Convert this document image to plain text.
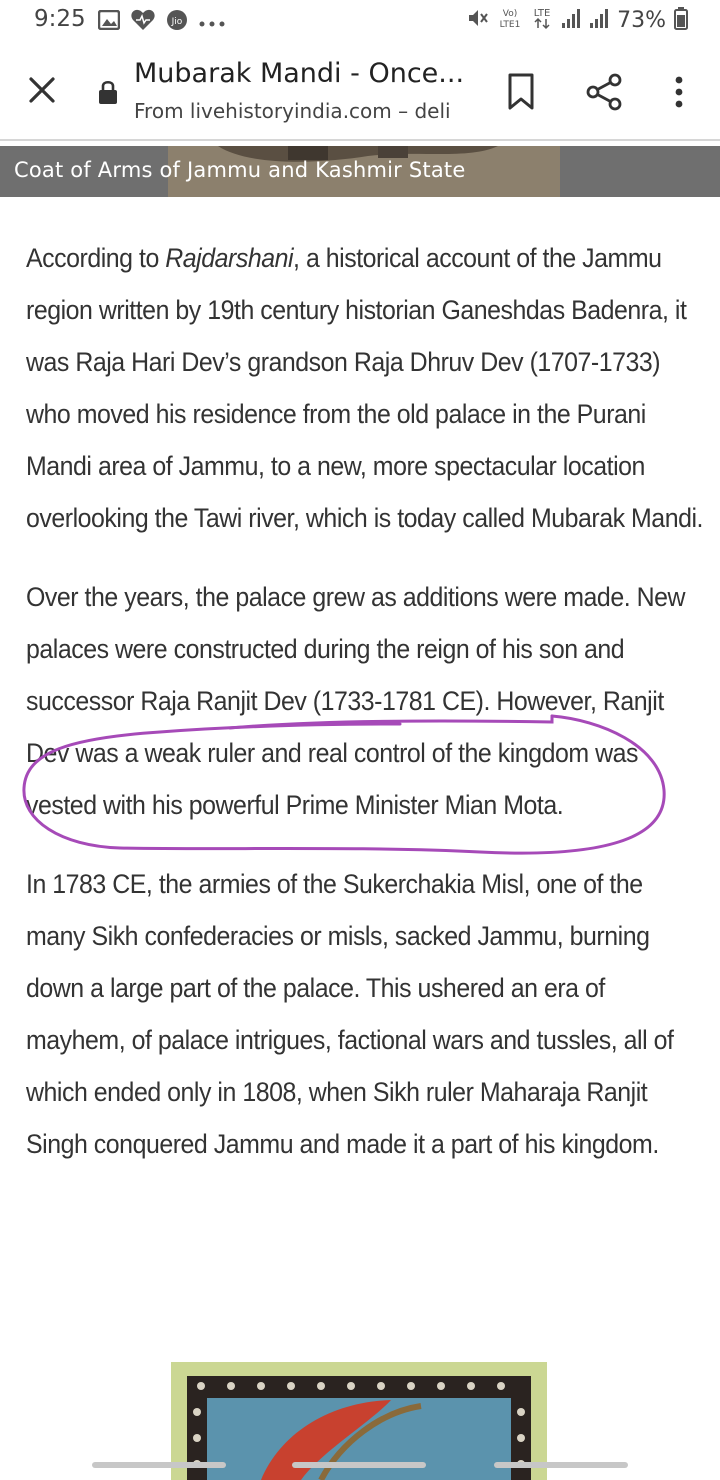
9:25	Jio
Vo)
LTE1
LTE	73%
Mubarak Mandi - Once...
From livehistoryindia.com – deli
Coat of Arms of Jammu and Kashmir State

According to Rajdarshani, a historical account of the Jammu region written by 19th century historian Ganeshdas Badenra, it was Raja Hari Dev’s grandson Raja Dhruv Dev (1707-1733) who moved his residence from the old palace in the Purani Mandi area of Jammu, to a new, more spectacular location overlooking the Tawi river, which is today called Mubarak Mandi.

Over the years, the palace grew as additions were made. New palaces were constructed during the reign of his son and successor Raja Ranjit Dev (1733-1781 CE). However, Ranjit Dev was a weak ruler and real control of the kingdom was vested with his powerful Prime Minister Mian Mota.

In 1783 CE, the armies of the Sukerchakia Misl, one of the many Sikh confederacies or misls, sacked Jammu, burning down a large part of the palace. This ushered an era of mayhem, of palace intrigues, factional wars and tussles, all of which ended only in 1808, when Sikh ruler Maharaja Ranjit Singh conquered Jammu and made it a part of his kingdom.
